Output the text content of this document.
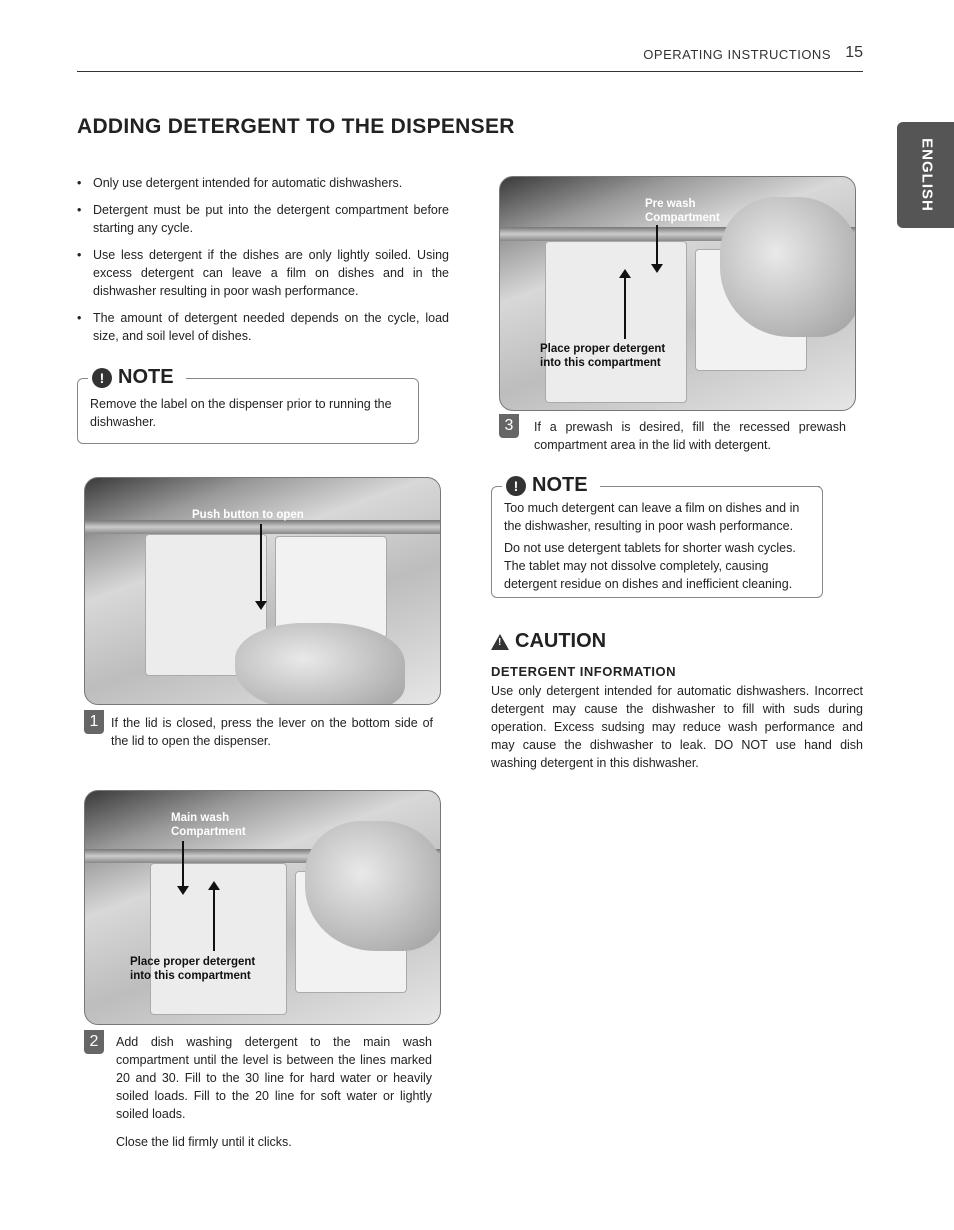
OPERATING INSTRUCTIONS 15
ENGLISH
ADDING DETERGENT TO THE DISPENSER
• Only use detergent intended for automatic dishwashers.
• Detergent must be put into the detergent compartment before starting any cycle.
• Use less detergent if the dishes are only lightly soiled. Using excess detergent can leave a film on dishes and in the dishwasher resulting in poor wash performance.
• The amount of detergent needed depends on the cycle, load size, and soil level of dishes.
Remove the label on the dispenser prior to running the dishwasher.
! NOTE
Push button to open
1	If the lid is closed, press the lever on the bottom side of the lid to open the dispenser.
Main wash
Compartment
Place proper detergent
into this compartment
2	Add dish washing detergent to the main wash compartment until the level is between the lines marked 20 and 30. Fill to the 30 line for hard water or heavily soiled loads. Fill to the 20 line for soft water or lightly soiled loads.
Close the lid firmly until it clicks.
Pre wash
Compartment
Place proper detergent
into this compartment
3	If a prewash is desired, fill the recessed prewash compartment area in the lid with detergent.
Too much detergent can leave a film on dishes and in the dishwasher, resulting in poor wash performance.
Do not use detergent tablets for shorter wash cycles. The tablet may not dissolve completely, causing detergent residue on dishes and inefficient cleaning.
! NOTE
! CAUTION
DETERGENT INFORMATION
Use only detergent intended for automatic dishwashers. Incorrect detergent may cause the dishwasher to fill with suds during operation. Excess sudsing may reduce wash performance and may cause the dishwasher to leak. DO NOT use hand dish washing detergent in this dishwasher.
